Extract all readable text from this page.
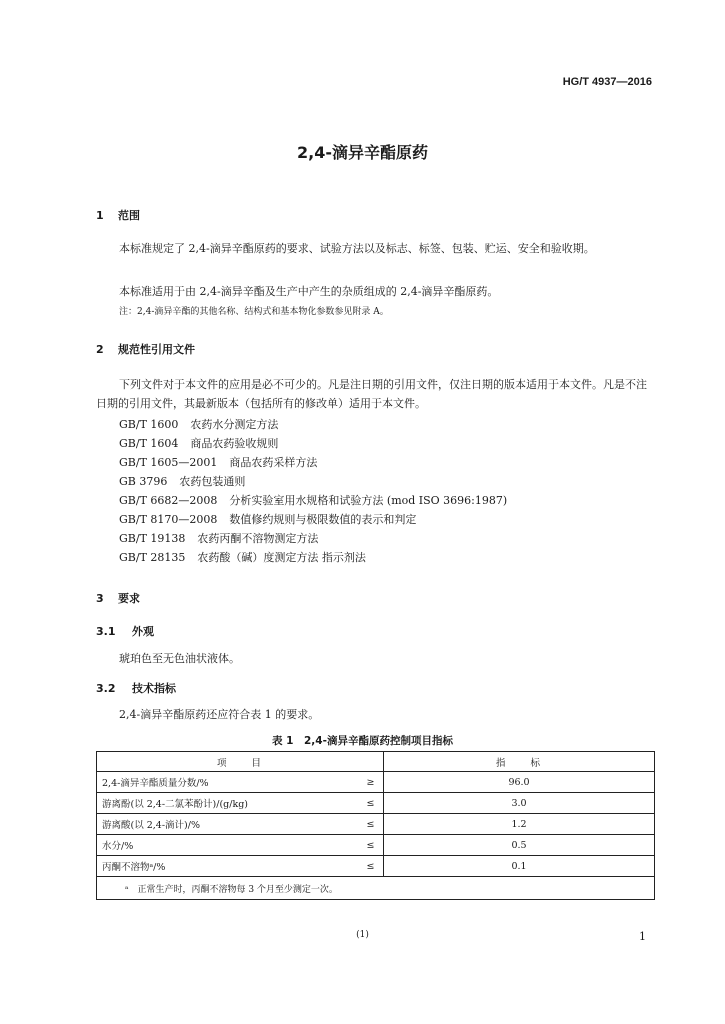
HG/T 4937—2016
2,4-滴异辛酯原药
1 范围
本标准规定了 2,4-滴异辛酯原药的要求、试验方法以及标志、标签、包装、贮运、安全和验收期。
本标准适用于由 2,4-滴异辛酯及生产中产生的杂质组成的 2,4-滴异辛酯原药。
注：2,4-滴异辛酯的其他名称、结构式和基本物化参数参见附录 A。
2 规范性引用文件
下列文件对于本文件的应用是必不可少的。凡是注日期的引用文件，仅注日期的版本适用于本文件。凡是不注日期的引用文件，其最新版本（包括所有的修改单）适用于本文件。
GB/T 1600 农药水分测定方法
GB/T 1604 商品农药验收规则
GB/T 1605—2001 商品农药采样方法
GB 3796 农药包装通则
GB/T 6682—2008 分析实验室用水规格和试验方法 (mod ISO 3696:1987)
GB/T 8170—2008 数值修约规则与极限数值的表示和判定
GB/T 19138 农药丙酮不溶物测定方法
GB/T 28135 农药酸（碱）度测定方法 指示剂法
3 要求
3.1 外观
琥珀色至无色油状液体。
3.2 技术指标
2,4-滴异辛酯原药还应符合表 1 的要求。
表 1　2,4-滴异辛酯原药控制项目指标
项　　目		指　　标
2,4-滴异辛酯质量分数/%	≥	96.0
游离酚(以 2,4-二氯苯酚计)/(g/kg)	≤	3.0
游离酸(以 2,4-滴计)/%	≤	1.2
水分/%	≤	0.5
丙酮不溶物ᵃ/%	≤	0.1
ᵃ　正常生产时，丙酮不溶物每 3 个月至少测定一次。		
(1)	1
